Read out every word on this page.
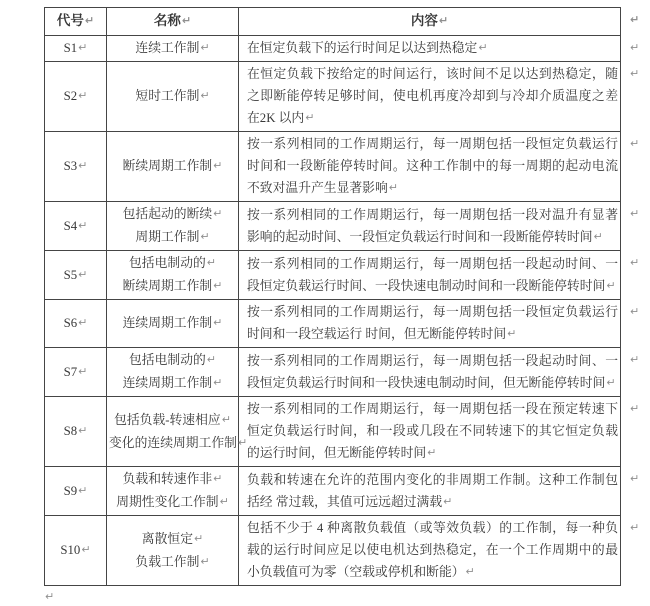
代号↵	名称↵	内容↵	↵
S1↵	连续工作制↵	在恒定负载下的运行时间足以达到热稳定↵	↵
S2↵	短时工作制↵	在恒定负载下按给定的时间运行，该时间不足以达到热稳定，随之即断能停转足够时间，使电机再度冷却到与冷却介质温度之差在2K 以内↵	↵
S3↵	断续周期工作制↵	按一系列相同的工作周期运行，每一周期包括一段恒定负载运行时间和一段断能停转时间。这种工作制中的每一周期的起动电流不致对温升产生显著影响↵	↵
S4↵	包括起动的断续↵
周期工作制↵	按一系列相同的工作周期运行，每一周期包括一段对温升有显著影响的起动时间、一段恒定负载运行时间和一段断能停转时间↵	↵
S5↵	包括电制动的↵
断续周期工作制↵	按一系列相同的工作周期运行，每一周期包括一段起动时间、一段恒定负载运行时间、一段快速电制动时间和一段断能停转时间↵	↵
S6↵	连续周期工作制↵	按一系列相同的工作周期运行，每一周期包括一段恒定负载运行时间和一段空载运行 时间，但无断能停转时间↵	↵
S7↵	包括电制动的↵
连续周期工作制↵	按一系列相同的工作周期运行，每一周期包括一段起动时间、一段恒定负载运行时间和一段快速电制动时间，但无断能停转时间↵	↵
S8↵	包括负载-转速相应↵
变化的连续周期工作制↵	按一系列相同的工作周期运行，每一周期包括一段在预定转速下恒定负载运行时间，和一段或几段在不同转速下的其它恒定负载的运行时间，但无断能停转时间↵	↵
S9↵	负载和转速作非↵
周期性变化工作制↵	负载和转速在允许的范围内变化的非周期工作制。这种工作制包括经 常过载，其值可远远超过满载↵	↵
S10↵	离散恒定↵
负载工作制↵	包括不少于 4 种离散负载值（或等效负载）的工作制，每一种负载的运行时间应足以使电机达到热稳定，在一个工作周期中的最小负载值可为零（空载或停机和断能）↵	↵
↵
